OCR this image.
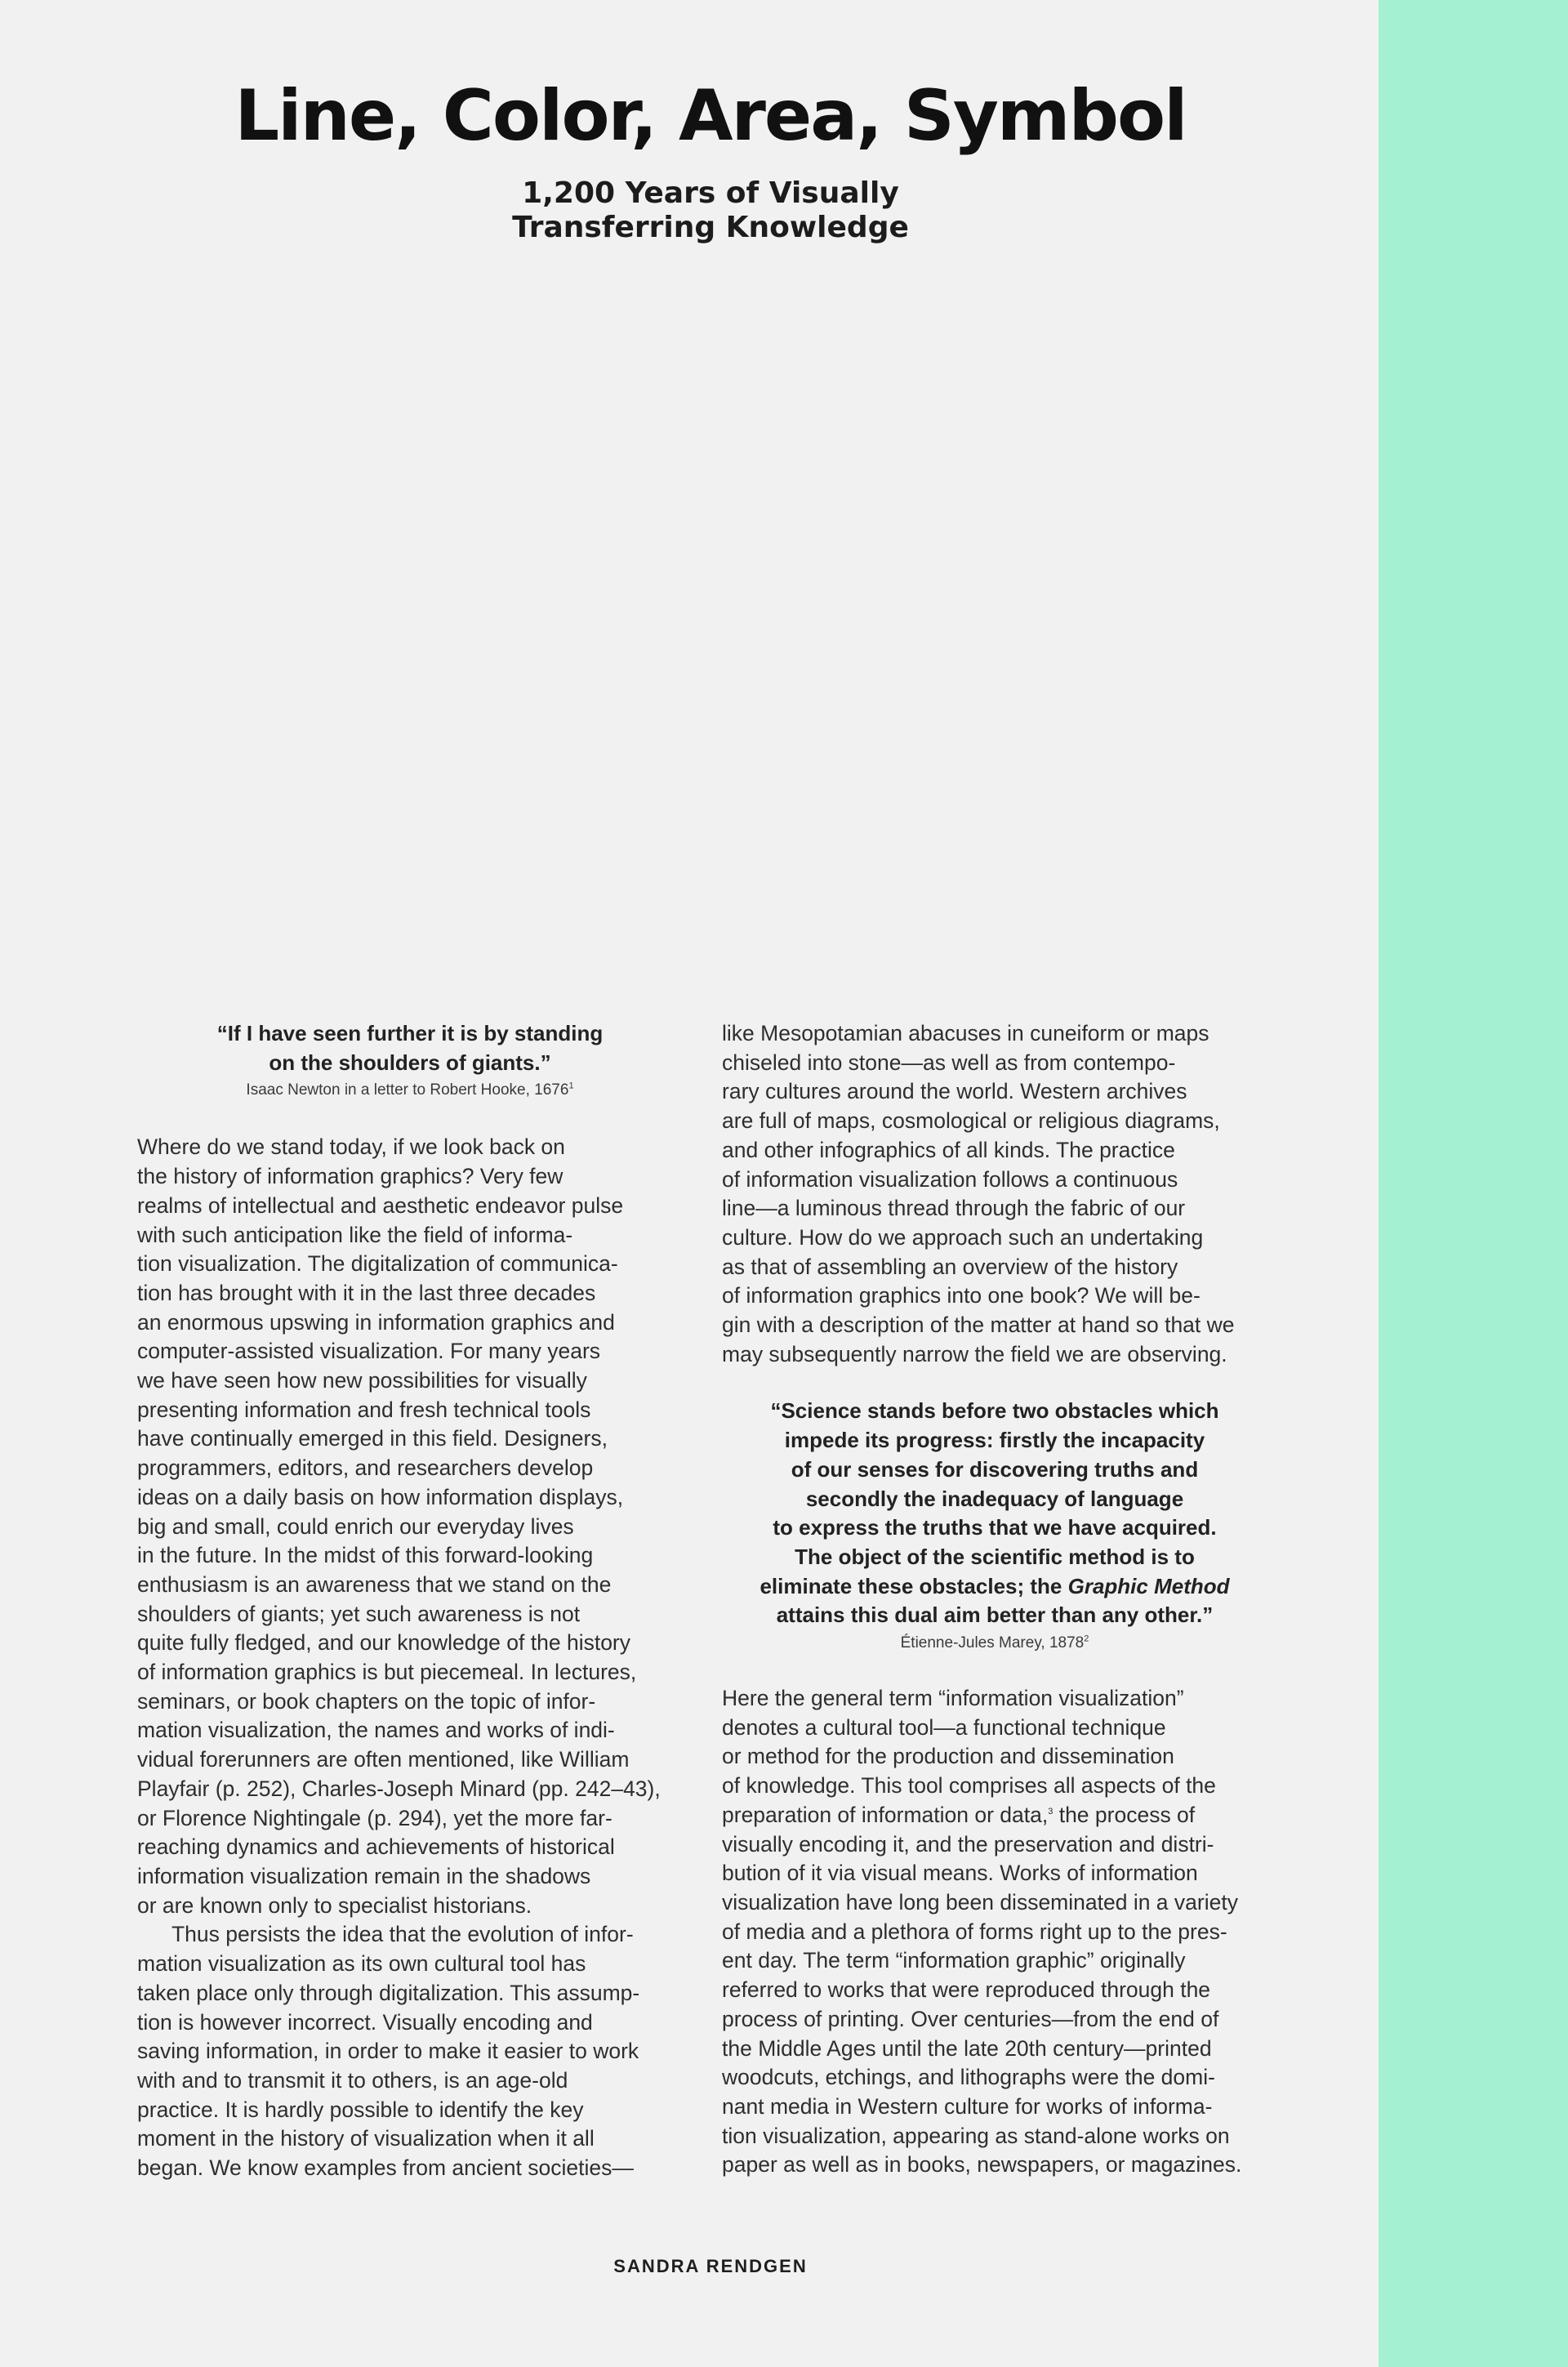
Line, Color, Area, Symbol
1,200 Years of Visually
Transferring Knowledge
“If I have seen further it is by standing
on the shoulders of giants.”

Isaac Newton in a letter to Robert Hooke, 1676$^1$

Where do we stand today, if we look back on
the history of information graphics? Very few
realms of intellectual and aesthetic endeavor pulse
with such anticipation like the field of informa-
tion visualization. The digitalization of communica-
tion has brought with it in the last three decades
an enormous upswing in information graphics and
computer-assisted visualization. For many years
we have seen how new possibilities for visually
presenting information and fresh technical tools
have continually emerged in this field. Designers,
programmers, editors, and researchers develop
ideas on a daily basis on how information displays,
big and small, could enrich our everyday lives
in the future. In the midst of this forward-looking
enthusiasm is an awareness that we stand on the
shoulders of giants; yet such awareness is not
quite fully fledged, and our knowledge of the history
of information graphics is but piecemeal. In lectures,
seminars, or book chapters on the topic of infor-
mation visualization, the names and works of indi-
vidual forerunners are often mentioned, like William
Playfair (p. 252), Charles-Joseph Minard (pp. 242–43),
or Florence Nightingale (p. 294), yet the more far-
reaching dynamics and achievements of historical
information visualization remain in the shadows
or are known only to specialist historians.
Thus persists the idea that the evolution of infor-
mation visualization as its own cultural tool has
taken place only through digitalization. This assump-
tion is however incorrect. Visually encoding and
saving information, in order to make it easier to work
with and to transmit it to others, is an age-old
practice. It is hardly possible to identify the key
moment in the history of visualization when it all
began. We know examples from ancient societies—
like Mesopotamian abacuses in cuneiform or maps
chiseled into stone—as well as from contempo-
rary cultures around the world. Western archives
are full of maps, cosmological or religious diagrams,
and other infographics of all kinds. The practice
of information visualization follows a continuous
line—a luminous thread through the fabric of our
culture. How do we approach such an undertaking
as that of assembling an overview of the history
of information graphics into one book? We will be-
gin with a description of the matter at hand so that we
may subsequently narrow the field we are observing.
“Science stands before two obstacles which
impede its progress: firstly the incapacity
of our senses for discovering truths and
secondly the inadequacy of language
to express the truths that we have acquired.
The object of the scientific method is to
eliminate these obstacles; the Graphic Method
attains this dual aim better than any other.”

Étienne-Jules Marey, 1878$^2$

Here the general term “information visualization”
denotes a cultural tool—a functional technique
or method for the production and dissemination
of knowledge. This tool comprises all aspects of the
preparation of information or data,$^3$ the process of
visually encoding it, and the preservation and distri-
bution of it via visual means. Works of information
visualization have long been disseminated in a variety
of media and a plethora of forms right up to the pres-
ent day. The term “information graphic” originally
referred to works that were reproduced through the
process of printing. Over centuries—from the end of
the Middle Ages until the late 20th century—printed
woodcuts, etchings, and lithographs were the domi-
nant media in Western culture for works of informa-
tion visualization, appearing as stand-alone works on
paper as well as in books, newspapers, or magazines.

SANDRA RENDGEN
